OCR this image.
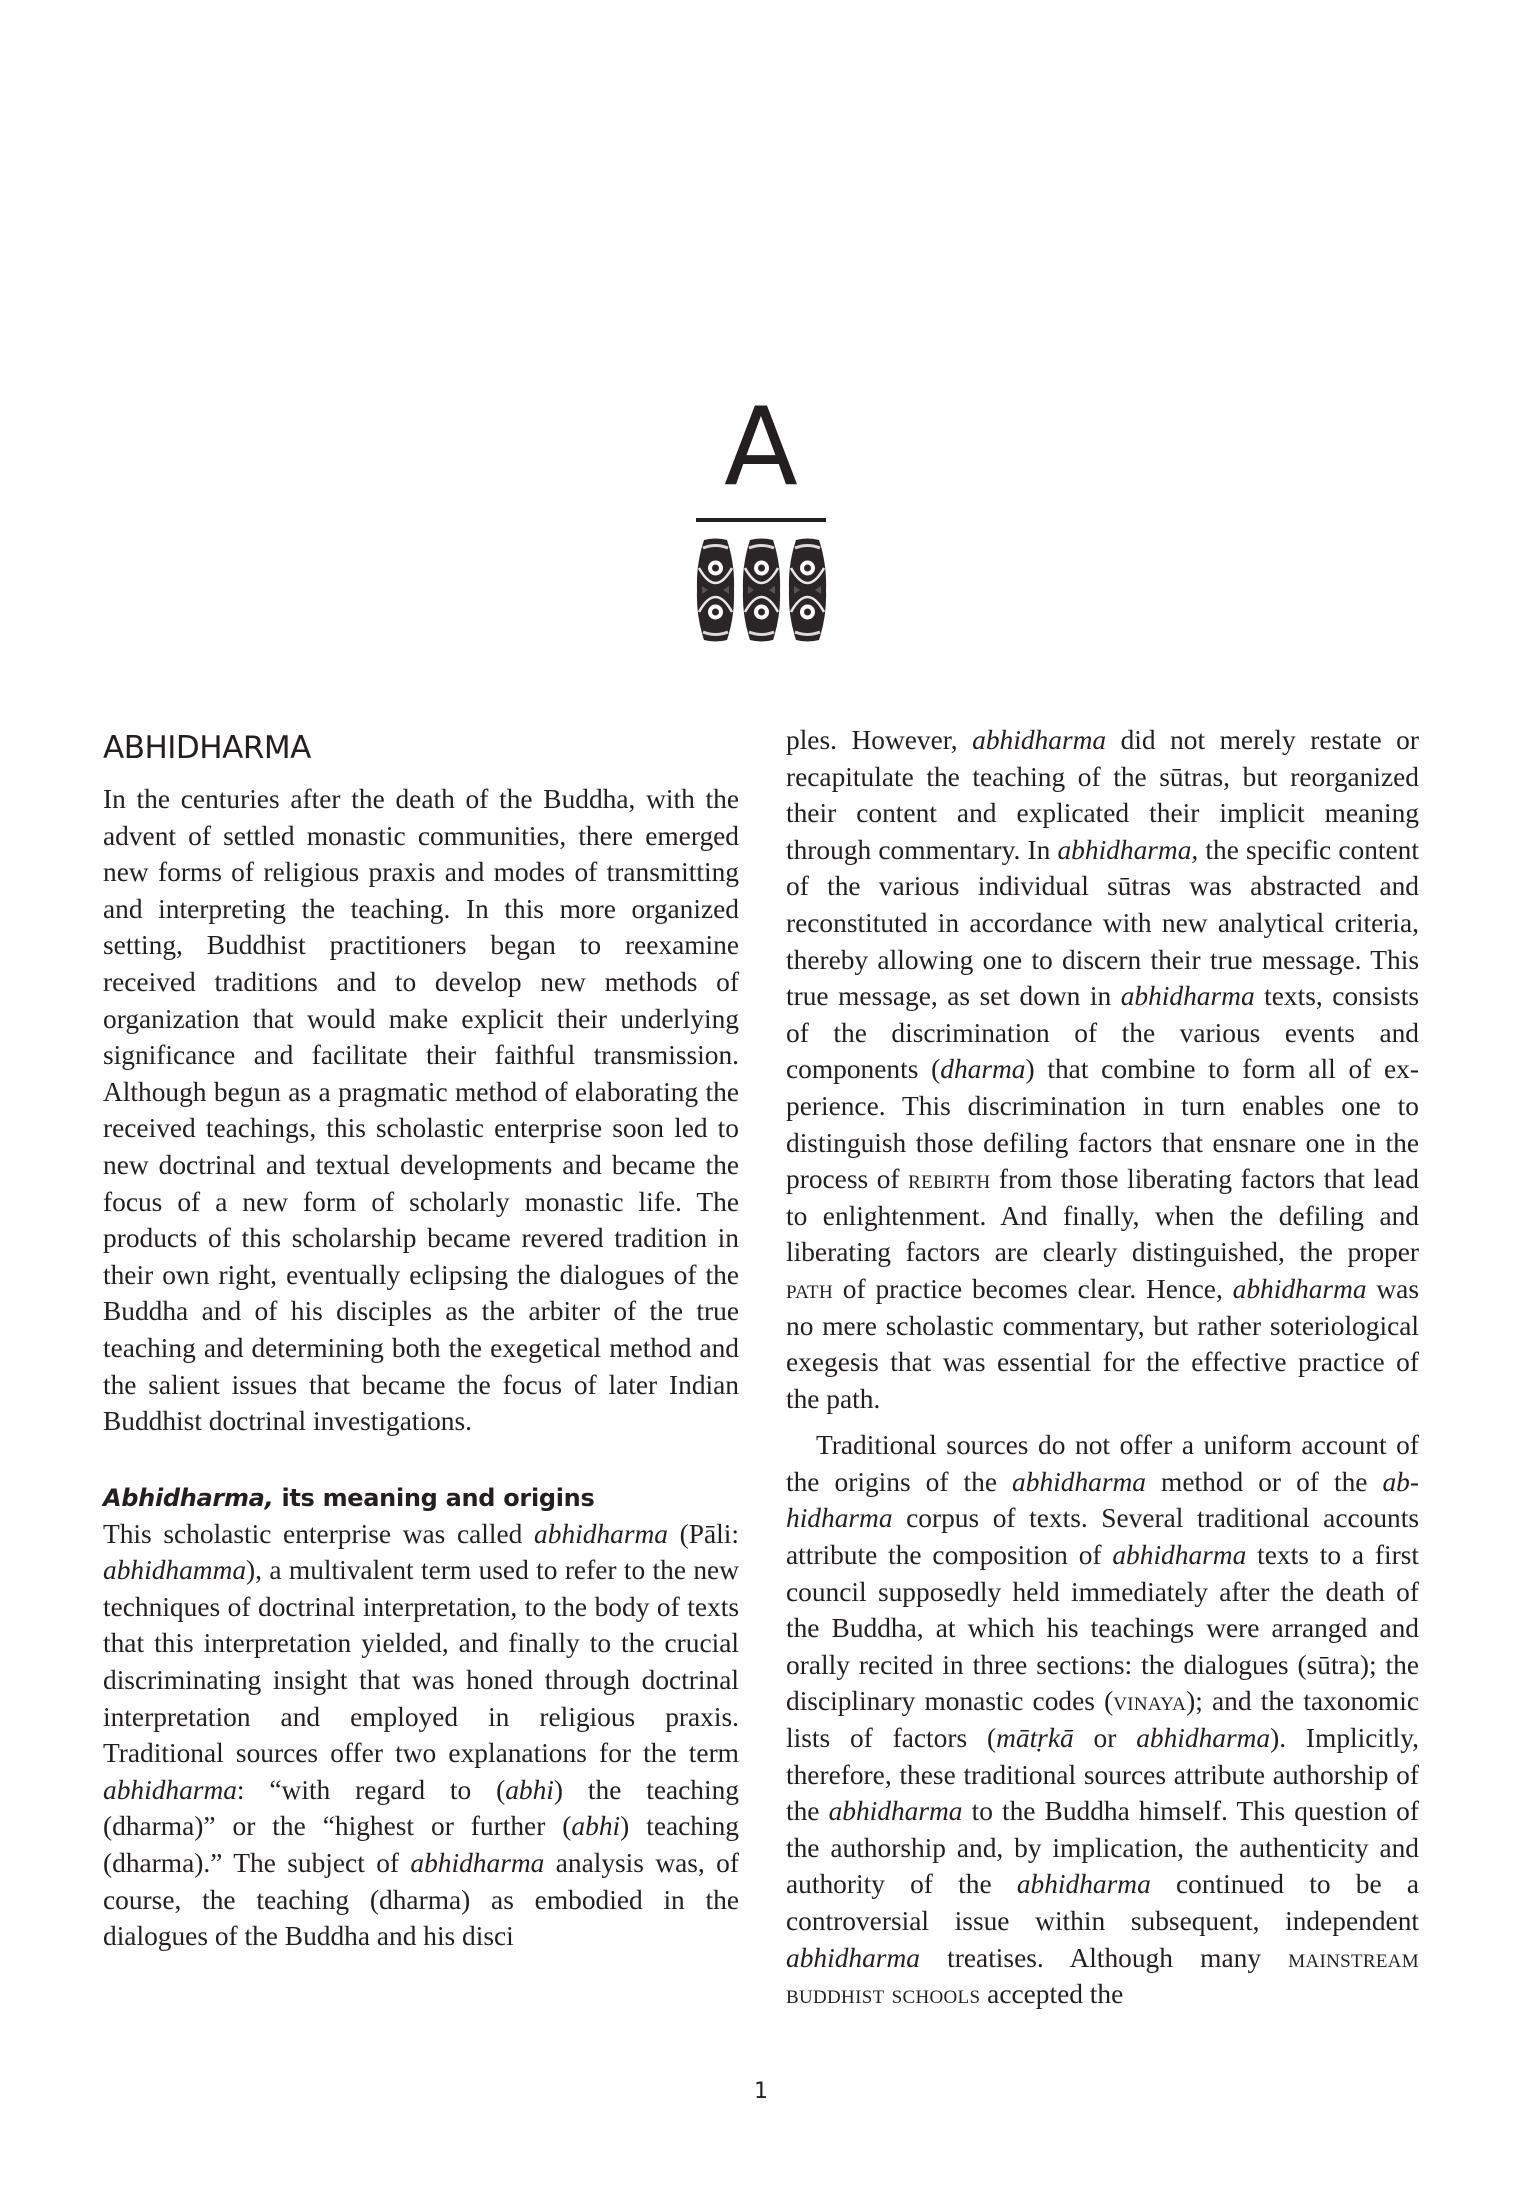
A
ABHIDHARMA

In the centuries after the death of the Buddha, with the advent of settled monastic communities, there emerged new forms of religious praxis and modes of transmitting and interpreting the teaching. In this more organized setting, Buddhist practitioners began to reexamine received traditions and to develop new methods of organization that would make explicit their underlying significance and facilitate their faithful transmission. Although begun as a pragmatic method of elaborating the received teachings, this scholastic enterprise soon led to new doctrinal and textual developments and became the focus of a new form of scholarly monastic life. The products of this scholarship became revered tradition in their own right, eventually eclipsing the dialogues of the Buddha and of his disciples as the arbiter of the true teaching and determining both the exegetical method and the salient issues that became the focus of later Indian Buddhist doctrinal investigations.

Abhidharma, its meaning and origins

This scholastic enterprise was called abhidharma (Pāli: abhidhamma), a multivalent term used to refer to the new techniques of doctrinal interpretation, to the body of texts that this interpretation yielded, and finally to the crucial discriminating insight that was honed through doctrinal interpretation and employed in religious praxis. Traditional sources offer two explanations for the term abhidharma: “with regard to (abhi) the teaching (dharma)” or the “highest or further (abhi) teaching (dharma).” The subject of abhidharma analysis was, of course, the teaching (dharma) as embodied in the dialogues of the Buddha and his disci

ples. However, abhidharma did not merely restate or recapitulate the teaching of the sūtras, but reorganized their content and explicated their implicit meaning through commentary. In abhidharma, the specific content of the various individual sūtras was abstracted and reconstituted in accordance with new analytical criteria, thereby allowing one to discern their true message. This true message, as set down in abhidharma texts, consists of the discrimination of the various events and components (dharma) that combine to form all of experience. This discrimination in turn enables one to distinguish those defiling factors that ensnare one in the process of rebirth from those liberating factors that lead to enlightenment. And finally, when the defiling and liberating factors are clearly distinguished, the proper path of practice becomes clear. Hence, abhidharma was no mere scholastic commentary, but rather soteriological exegesis that was essential for the effective practice of the path.

Traditional sources do not offer a uniform account of the origins of the abhidharma method or of the abhidharma corpus of texts. Several traditional accounts attribute the composition of abhidharma texts to a first council supposedly held immediately after the death of the Buddha, at which his teachings were arranged and orally recited in three sections: the dialogues (sūtra); the disciplinary monastic codes (vinaya); and the taxonomic lists of factors (mātṛkā or abhidharma). Implicitly, therefore, these traditional sources attribute authorship of the abhidharma to the Buddha himself. This question of the authorship and, by implication, the authenticity and authority of the abhidharma continued to be a controversial issue within subsequent, independent abhidharma treatises. Although many mainstream buddhist schools accepted the

1
